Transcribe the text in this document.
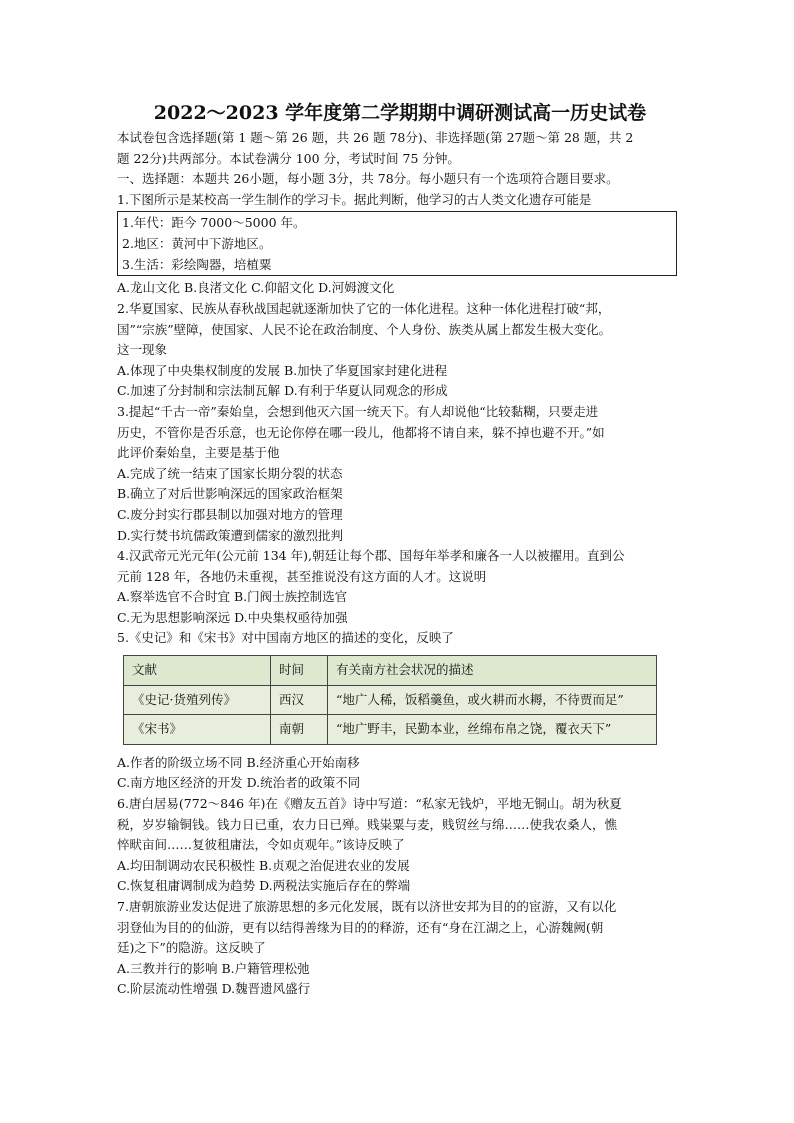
2022～2023 学年度第二学期期中调研测试高一历史试卷

本试卷包含选择题(第 1 题～第 26 题，共 26 题 78分)、非选择题(第 27题～第 28 题，共 2

题 22分)共两部分。本试卷满分 100 分，考试时间 75 分钟。

一、选择题：本题共 26小题，每小题 3分，共 78分。每小题只有一个选项符合题目要求。

1.下图所示是某校高一学生制作的学习卡。据此判断，他学习的古人类文化遗存可能是

1.年代：距今 7000～5000 年。

2.地区：黄河中下游地区。

3.生活：彩绘陶器，培植粟

A.龙山文化 B.良渚文化 C.仰韶文化 D.河姆渡文化

2.华夏国家、民族从春秋战国起就逐渐加快了它的一体化进程。这种一体化进程打破“邦，

国”“宗族”壁障，使国家、人民不论在政治制度、个人身份、族类从属上都发生极大变化。

这一现象

A.体现了中央集权制度的发展 B.加快了华夏国家封建化进程

C.加速了分封制和宗法制瓦解 D.有利于华夏认同观念的形成

3.提起“千古一帝”秦始皇，会想到他灭六国一统天下。有人却说他“比较黏糊，只要走进

历史，不管你是否乐意，也无论你停在哪一段儿，他都将不请自来，躲不掉也避不开。”如

此评价秦始皇，主要是基于他

A.完成了统一结束了国家长期分裂的状态

B.确立了对后世影响深远的国家政治框架

C.废分封实行郡县制以加强对地方的管理

D.实行焚书坑儒政策遭到儒家的激烈批判

4.汉武帝元光元年(公元前 134 年),朝廷让每个郡、国每年举孝和廉各一人以被擢用。直到公

元前 128 年，各地仍未重视，甚至推说没有这方面的人才。这说明

A.察举选官不合时宜 B.门阀士族控制选官

C.无为思想影响深远 D.中央集权亟待加强

5.《史记》和《宋书》对中国南方地区的描述的变化，反映了

文献	时间	有关南方社会状况的描述
《史记·货殖列传》	西汉	“地广人稀，饭稻羹鱼，或火耕而水耨，不待贾而足”
《宋书》	南朝	“地广野丰，民勤本业，丝绵布帛之饶，覆衣天下”

A.作者的阶级立场不同 B.经济重心开始南移

C.南方地区经济的开发 D.统治者的政策不同

6.唐白居易(772～846 年)在《赠友五首》诗中写道：“私家无钱炉，平地无铜山。胡为秋夏

税，岁岁输铜钱。钱力日已重，农力日已殚。贱粜粟与麦，贱贸丝与绵……使我农桑人，憔

悴畎亩间……复彼租庸法，令如贞观年。”该诗反映了

A.均田制调动农民积极性 B.贞观之治促进农业的发展

C.恢复租庸调制成为趋势 D.两税法实施后存在的弊端

7.唐朝旅游业发达促进了旅游思想的多元化发展，既有以济世安邦为目的的宦游，又有以化

羽登仙为目的的仙游，更有以结得善缘为目的的释游，还有“身在江湖之上，心游魏阙(朝

廷)之下”的隐游。这反映了

A.三教并行的影响 B.户籍管理松弛

C.阶层流动性增强 D.魏晋遗风盛行
